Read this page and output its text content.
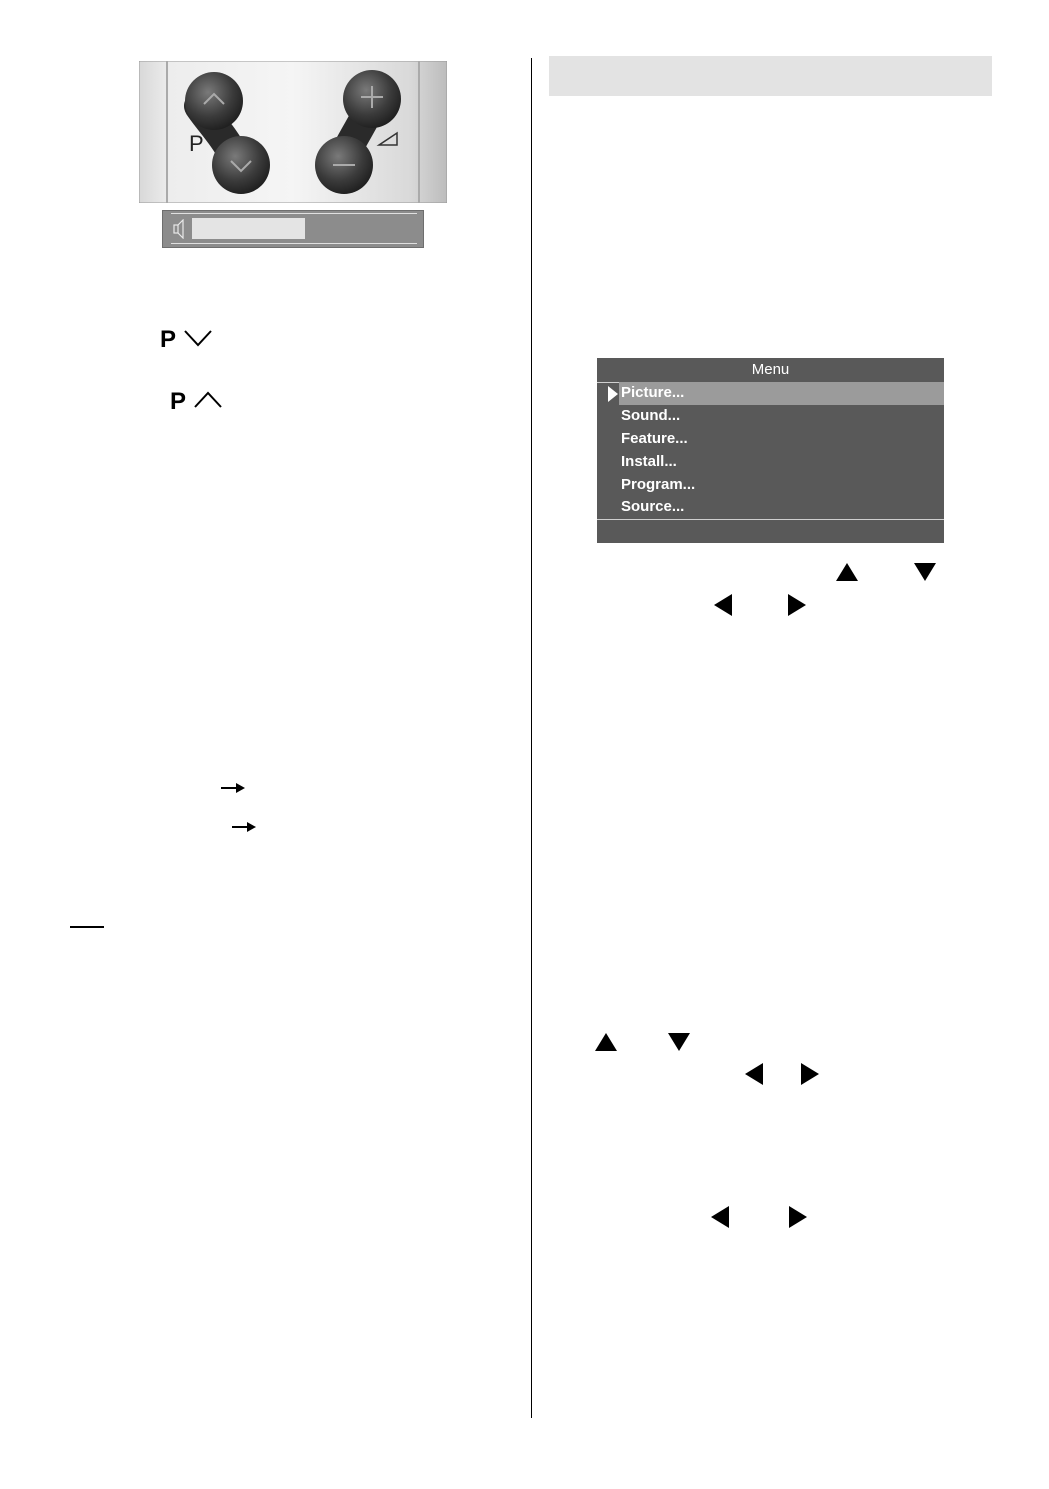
P
P
P
Menu
Picture...
Sound...
Feature...
Install...
Program...
Source...
